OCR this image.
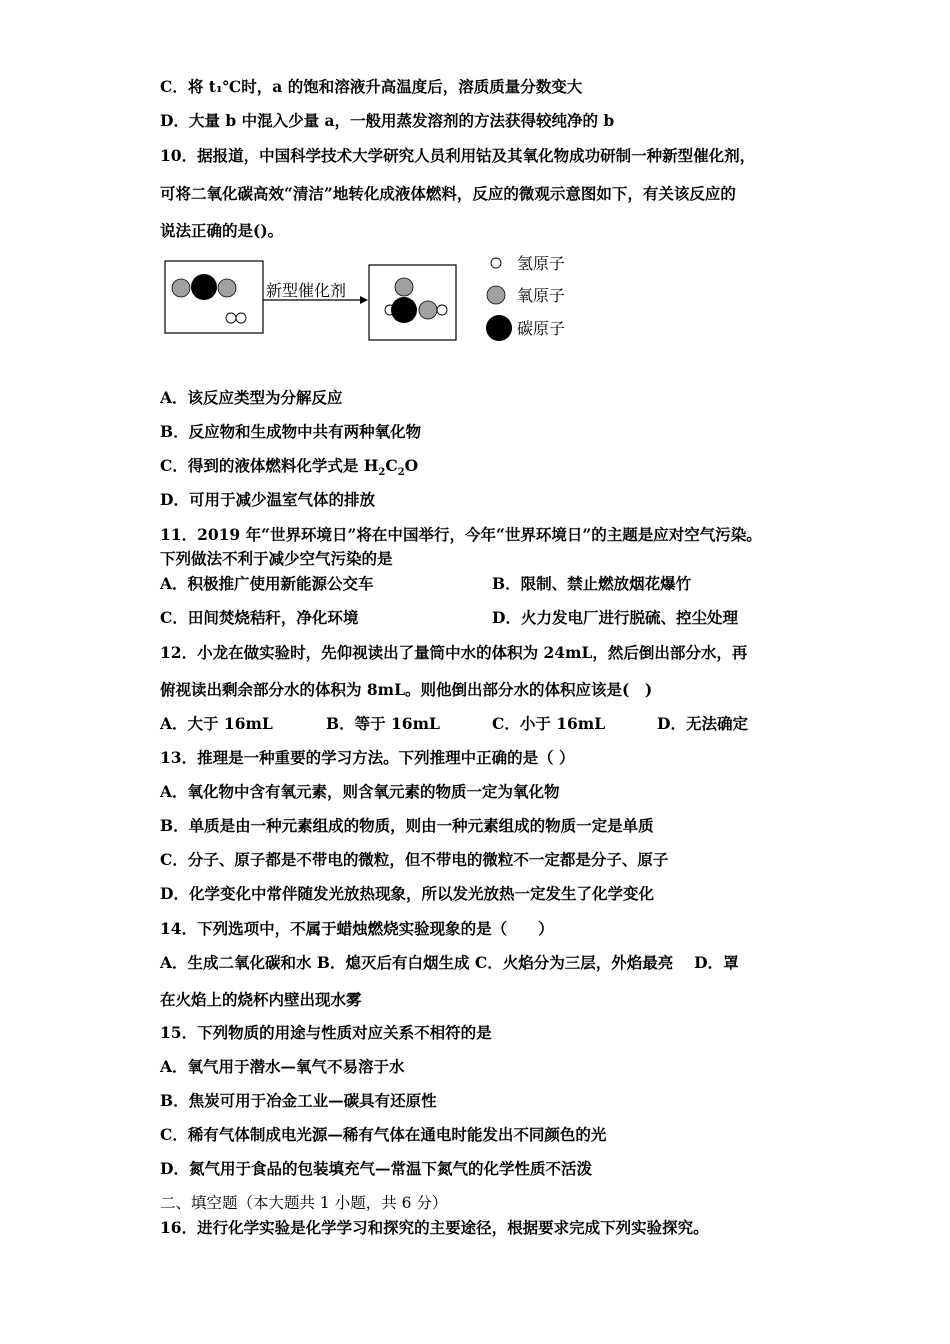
C．将 t₁℃时，a 的饱和溶液升高温度后，溶质质量分数变大
D．大量 b 中混入少量 a，一般用蒸发溶剂的方法获得较纯净的 b
10．据报道，中国科学技术大学研究人员利用钴及其氧化物成功研制一种新型催化剂，
可将二氧化碳高效“清洁”地转化成液体燃料，反应的微观示意图如下，有关该反应的
说法正确的是()。
新型催化剂
氢原子
氧原子
碳原子
A．该反应类型为分解反应
B．反应物和生成物中共有两种氧化物
C．得到的液体燃料化学式是 $H_2C_2O$
D．可用于减少温室气体的排放
11．2019 年“世界环境日”将在中国举行，今年“世界环境日”的主题是应对空气污染。
下列做法不利于减少空气污染的是
A．积极推广使用新能源公交车	B．限制、禁止燃放烟花爆竹
C．田间焚烧秸秆，净化环境	D．火力发电厂进行脱硫、控尘处理
12．小龙在做实验时，先仰视读出了量筒中水的体积为 24mL，然后倒出部分水，再
俯视读出剩余部分水的体积为 8mL。则他倒出部分水的体积应该是(　)
A．大于 16mL	B．等于 16mL	C．小于 16mL	D．无法确定
13．推理是一种重要的学习方法。下列推理中正确的是（ ）
A．氧化物中含有氧元素，则含氧元素的物质一定为氧化物
B．单质是由一种元素组成的物质，则由一种元素组成的物质一定是单质
C．分子、原子都是不带电的微粒，但不带电的微粒不一定都是分子、原子
D．化学变化中常伴随发光放热现象，所以发光放热一定发生了化学变化
14．下列选项中，不属于蜡烛燃烧实验现象的是（　　）
A．生成二氧化碳和水 B．熄灭后有白烟生成 C．火焰分为三层，外焰最亮　 D．罩
在火焰上的烧杯内壁出现水雾
15．下列物质的用途与性质对应关系不相符的是
A．氧气用于潜水—氧气不易溶于水
B．焦炭可用于冶金工业—碳具有还原性
C．稀有气体制成电光源—稀有气体在通电时能发出不同颜色的光
D．氮气用于食品的包装填充气—常温下氮气的化学性质不活泼
二、填空题（本大题共 1 小题，共 6 分）
16．进行化学实验是化学学习和探究的主要途径，根据要求完成下列实验探究。
